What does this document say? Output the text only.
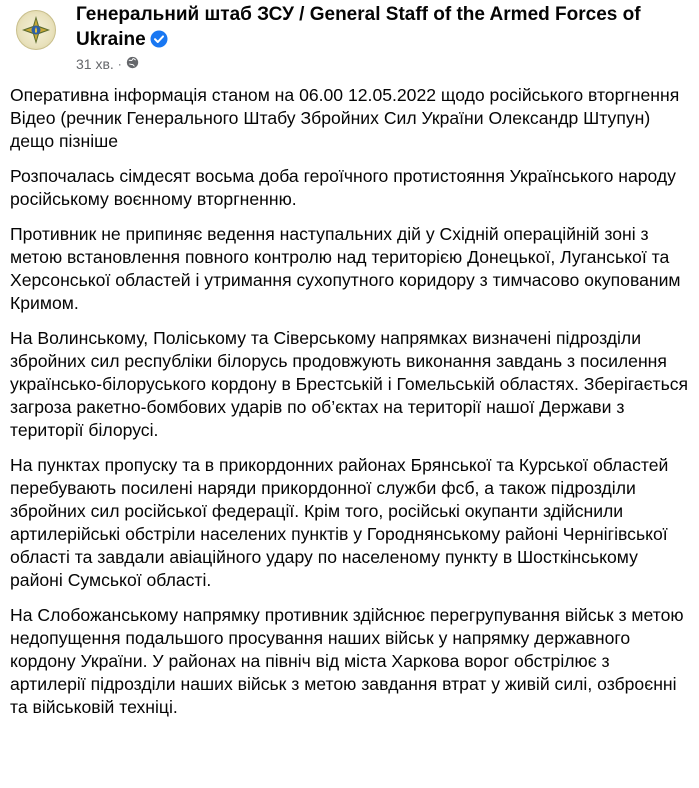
Генеральний штаб ЗСУ / General Staff of the Armed Forces of Ukraine
31 хв. ·

Оперативна інформація станом на 06.00 12.05.2022 щодо російського вторгнення
Відео (речник Генерального Штабу Збройних Сил України Олександр Штупун) дещо пізніше

Розпочалась сімдесят восьма доба героїчного протистояння Українського народу російському воєнному вторгненню.

Противник не припиняє ведення наступальних дій у Східній операційній зоні з метою встановлення повного контролю над територією Донецької, Луганської та Херсонської областей і утримання сухопутного коридору з тимчасово окупованим Кримом.

На Волинському, Поліському та Сіверському напрямках визначені підрозділи збройних сил республіки білорусь продовжують виконання завдань з посилення українсько-білоруського кордону в Брестській і Гомельській областях. Зберігається загроза ракетно-бомбових ударів по об’єктах на території нашої Держави з території білорусі.

На пунктах пропуску та в прикордонних районах Брянської та Курської областей перебувають посилені наряди прикордонної служби фсб, а також підрозділи збройних сил російської федерації. Крім того, російські окупанти здійснили артилерійські обстріли населених пунктів у Городнянському районі Чернігівської області та завдали авіаційного удару по населеному пункту в Шосткінському районі Сумської області.

На Слобожанському напрямку противник здійснює перегрупування військ з метою недопущення подальшого просування наших військ у напрямку державного кордону України. У районах на північ від міста Харкова ворог обстрілює з артилерії підрозділи наших військ з метою завдання втрат у живій силі, озброєнні та військовій техніці.
